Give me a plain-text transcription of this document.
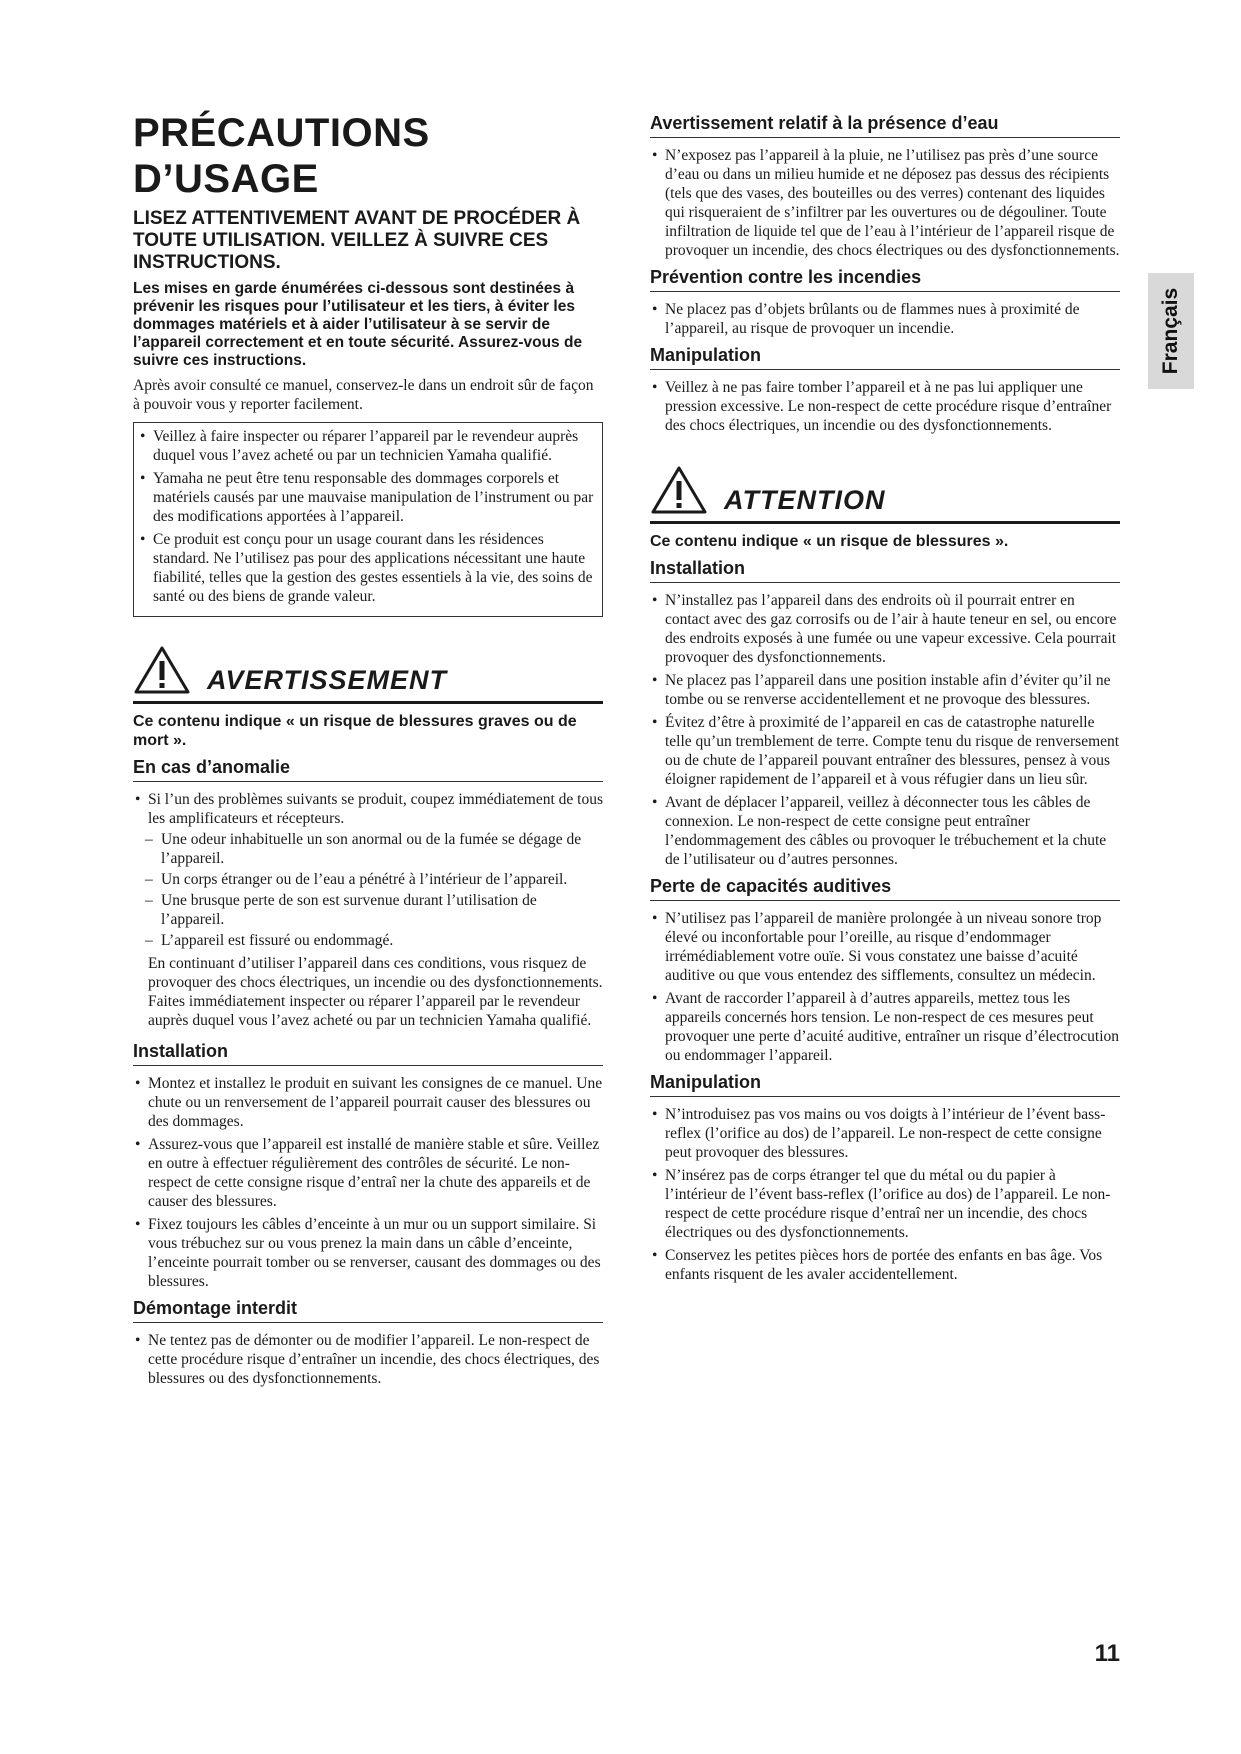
PRÉCAUTIONS D’USAGE
LISEZ ATTENTIVEMENT AVANT DE PROCÉDER À TOUTE UTILISATION. VEILLEZ À SUIVRE CES INSTRUCTIONS.
Les mises en garde énumérées ci-dessous sont destinées à prévenir les risques pour l’utilisateur et les tiers, à éviter les dommages matériels et à aider l’utilisateur à se servir de l’appareil correctement et en toute sécurité. Assurez-vous de suivre ces instructions.

Après avoir consulté ce manuel, conservez-le dans un endroit sûr de façon à pouvoir vous y reporter facilement.

• Veillez à faire inspecter ou réparer l’appareil par le revendeur auprès duquel vous l’avez acheté ou par un technicien Yamaha qualifié.
• Yamaha ne peut être tenu responsable des dommages corporels et matériels causés par une mauvaise manipulation de l’instrument ou par des modifications apportées à l’appareil.
• Ce produit est conçu pour un usage courant dans les résidences standard. Ne l’utilisez pas pour des applications nécessitant une haute fiabilité, telles que la gestion des gestes essentiels à la vie, des soins de santé ou des biens de grande valeur.
AVERTISSEMENT
Ce contenu indique « un risque de blessures graves ou de mort ».
En cas d’anomalie
• Si l’un des problèmes suivants se produit, coupez immédiatement de tous les amplificateurs et récepteurs.
– Une odeur inhabituelle un son anormal ou de la fumée se dégage de l’appareil.
– Un corps étranger ou de l’eau a pénétré à l’intérieur de l’appareil.
– Une brusque perte de son est survenue durant l’utilisation de l’appareil.
– L’appareil est fissuré ou endommagé.

En continuant d’utiliser l’appareil dans ces conditions, vous risquez de provoquer des chocs électriques, un incendie ou des dysfonctionnements. Faites immédiatement inspecter ou réparer l’appareil par le revendeur auprès duquel vous l’avez acheté ou par un technicien Yamaha qualifié.

Installation
• Montez et installez le produit en suivant les consignes de ce manuel. Une chute ou un renversement de l’appareil pourrait causer des blessures ou des dommages.
• Assurez-vous que l’appareil est installé de manière stable et sûre. Veillez en outre à effectuer régulièrement des contrôles de sécurité. Le non-respect de cette consigne risque d’entraî ner la chute des appareils et de causer des blessures.
• Fixez toujours les câbles d’enceinte à un mur ou un support similaire. Si vous trébuchez sur ou vous prenez la main dans un câble d’enceinte, l’enceinte pourrait tomber ou se renverser, causant des dommages ou des blessures.
Démontage interdit
• Ne tentez pas de démonter ou de modifier l’appareil. Le non-respect de cette procédure risque d’entraîner un incendie, des chocs électriques, des blessures ou des dysfonctionnements.
Avertissement relatif à la présence d’eau
• N’exposez pas l’appareil à la pluie, ne l’utilisez pas près d’une source d’eau ou dans un milieu humide et ne déposez pas dessus des récipients (tels que des vases, des bouteilles ou des verres) contenant des liquides qui risqueraient de s’infiltrer par les ouvertures ou de dégouliner. Toute infiltration de liquide tel que de l’eau à l’intérieur de l’appareil risque de provoquer un incendie, des chocs électriques ou des dysfonctionnements.
Prévention contre les incendies
• Ne placez pas d’objets brûlants ou de flammes nues à proximité de l’appareil, au risque de provoquer un incendie.
Manipulation
• Veillez à ne pas faire tomber l’appareil et à ne pas lui appliquer une pression excessive. Le non-respect de cette procédure risque d’entraîner des chocs électriques, un incendie ou des dysfonctionnements.
ATTENTION
Ce contenu indique « un risque de blessures ».
Installation
• N’installez pas l’appareil dans des endroits où il pourrait entrer en contact avec des gaz corrosifs ou de l’air à haute teneur en sel, ou encore des endroits exposés à une fumée ou une vapeur excessive. Cela pourrait provoquer des dysfonctionnements.
• Ne placez pas l’appareil dans une position instable afin d’éviter qu’il ne tombe ou se renverse accidentellement et ne provoque des blessures.
• Évitez d’être à proximité de l’appareil en cas de catastrophe naturelle telle qu’un tremblement de terre. Compte tenu du risque de renversement ou de chute de l’appareil pouvant entraîner des blessures, pensez à vous éloigner rapidement de l’appareil et à vous réfugier dans un lieu sûr.
• Avant de déplacer l’appareil, veillez à déconnecter tous les câbles de connexion. Le non-respect de cette consigne peut entraîner l’endommagement des câbles ou provoquer le trébuchement et la chute de l’utilisateur ou d’autres personnes.
Perte de capacités auditives
• N’utilisez pas l’appareil de manière prolongée à un niveau sonore trop élevé ou inconfortable pour l’oreille, au risque d’endommager irrémédiablement votre ouïe. Si vous constatez une baisse d’acuité auditive ou que vous entendez des sifflements, consultez un médecin.
• Avant de raccorder l’appareil à d’autres appareils, mettez tous les appareils concernés hors tension. Le non-respect de ces mesures peut provoquer une perte d’acuité auditive, entraîner un risque d’électrocution ou endommager l’appareil.
Manipulation
• N’introduisez pas vos mains ou vos doigts à l’intérieur de l’évent bass-reflex (l’orifice au dos) de l’appareil. Le non-respect de cette consigne peut provoquer des blessures.
• N’insérez pas de corps étranger tel que du métal ou du papier à l’intérieur de l’évent bass-reflex (l’orifice au dos) de l’appareil. Le non-respect de cette procédure risque d’entraî ner un incendie, des chocs électriques ou des dysfonctionnements.
• Conservez les petites pièces hors de portée des enfants en bas âge. Vos enfants risquent de les avaler accidentellement.
Français
11
